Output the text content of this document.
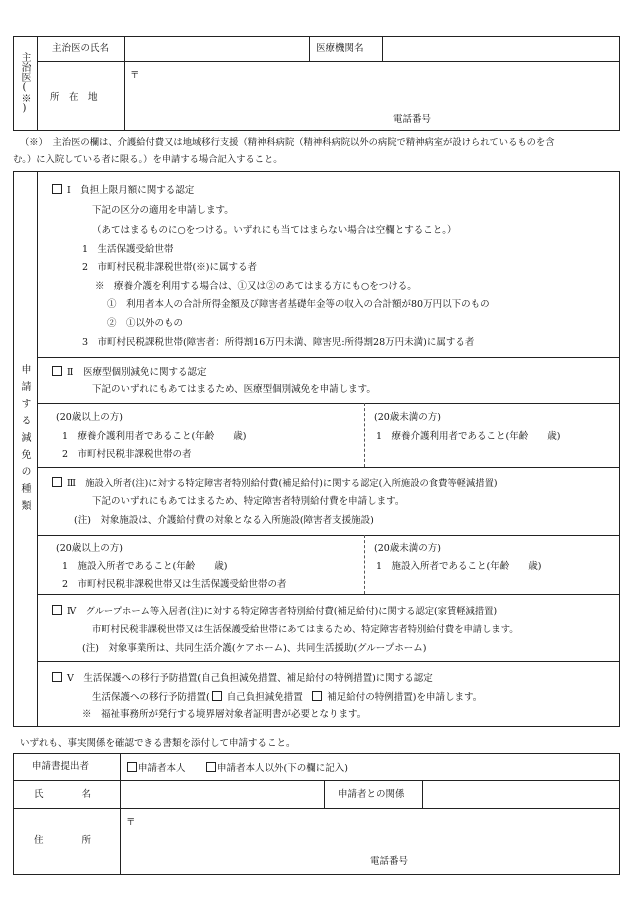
主治医(※)
主治医の氏名	医療機関名
所　在　地
〒
電話番号
（※）　主治医の欄は、介護給付費又は地域移行支援（精神科病院（精神科病院以外の病院で精神病室が設けられているものを含
む。）に入院している者に限る。）を申請する場合記入すること。
申請する減免の種類
Ⅰ　負担上限月額に関する認定
下記の区分の適用を申請します。
（あてはまるものに○をつける。いずれにも当てはまらない場合は空欄とすること。）
1　生活保護受給世帯
2　市町村民税非課税世帯(※)に属する者
※　療養介護を利用する場合は、①又は②のあてはまる方にも○をつける。
①　利用者本人の合計所得金額及び障害者基礎年金等の収入の合計額が80万円以下のもの
②　①以外のもの
3　市町村民税課税世帯(障害者：所得割16万円未満、障害児:所得割28万円未満)に属する者
Ⅱ　医療型個別減免に関する認定
下記のいずれにもあてはまるため、医療型個別減免を申請します。
(20歳以上の方)
1　療養介護利用者であること(年齢　　歳)
2　市町村民税非課税世帯の者
(20歳未満の方)
1　療養介護利用者であること(年齢　　歳)
Ⅲ　施設入所者(注)に対する特定障害者特別給付費(補足給付)に関する認定(入所施設の食費等軽減措置)
下記のいずれにもあてはまるため、特定障害者特別給付費を申請します。
(注)　対象施設は、介護給付費の対象となる入所施設(障害者支援施設)
(20歳以上の方)
1　施設入所者であること(年齢　　歳)
2　市町村民税非課税世帯又は生活保護受給世帯の者
(20歳未満の方)
1　施設入所者であること(年齢　　歳)
Ⅳ　グループホーム等入居者(注)に対する特定障害者特別給付費(補足給付)に関する認定(家賃軽減措置)
市町村民税非課税世帯又は生活保護受給世帯にあてはまるため、特定障害者特別給付費を申請します。
(注)　対象事業所は、共同生活介護(ケアホーム)、共同生活援助(グループホーム)
Ⅴ　生活保護への移行予防措置(自己負担減免措置、補足給付の特例措置)に関する認定
生活保護への移行予防措置( 自己負担減免措置　	補足給付の特例措置)を申請します。
※　福祉事務所が発行する境界層対象者証明書が必要となります。
いずれも、事実関係を確認できる書類を添付して申請すること。
申請書提出者	申請者本人	申請者本人以外(下の欄に記入)
氏　　　　名	申請者との関係
住　　　　所
〒
電話番号
